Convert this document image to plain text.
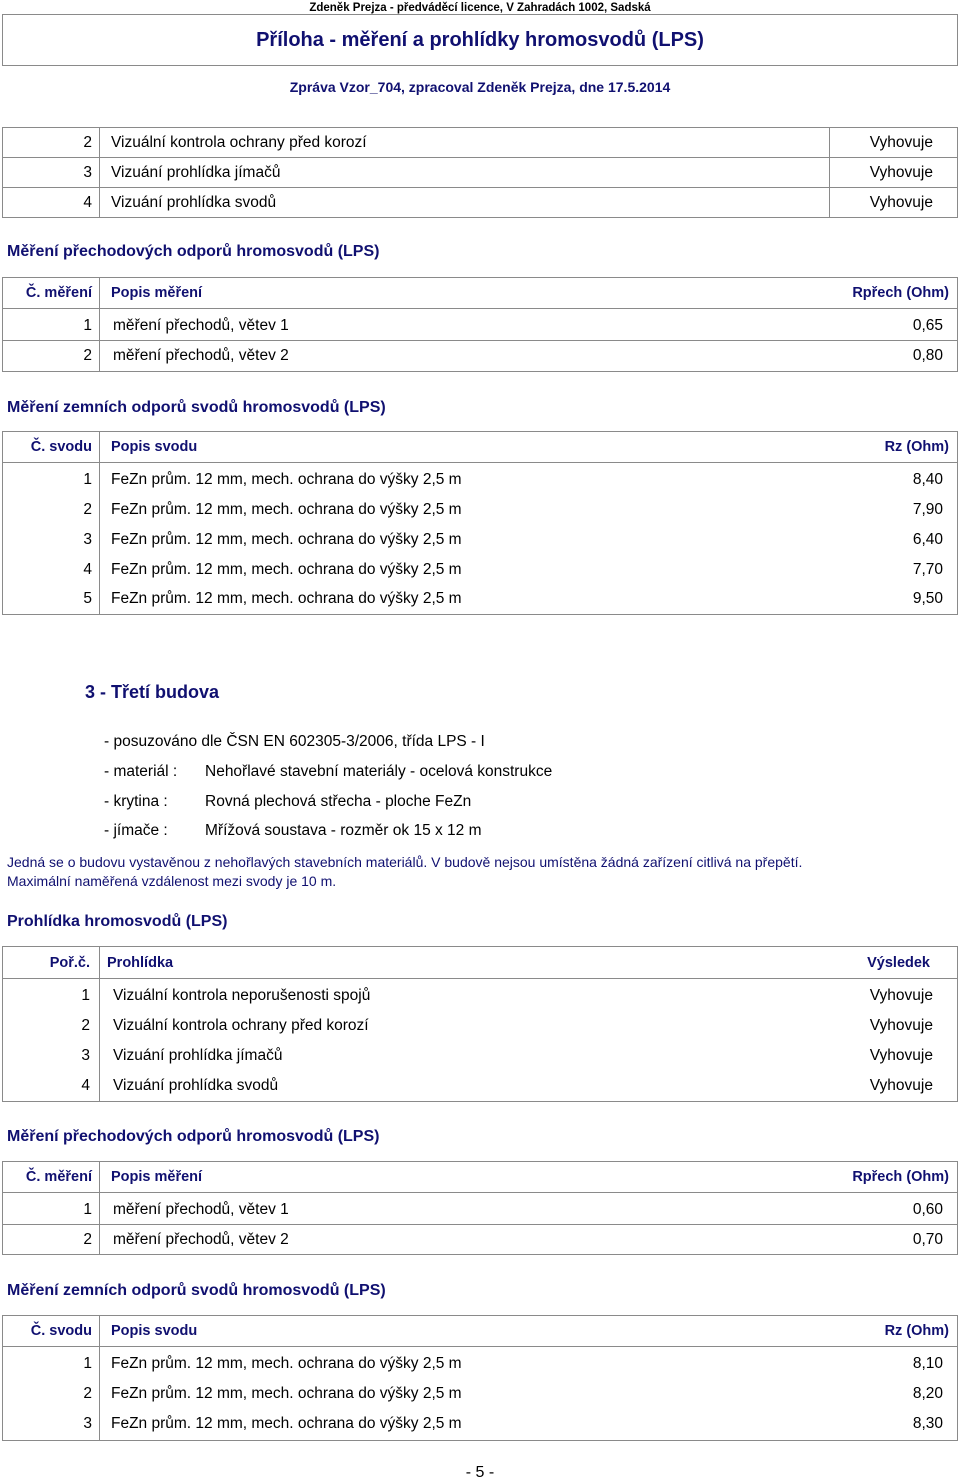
Zdeněk Prejza - předváděcí licence, V Zahradách 1002, Sadská
Příloha - měření a prohlídky hromosvodů (LPS)
Zpráva Vzor_704, zpracoval Zdeněk Prejza, dne 17.5.2014
2 Vizuální kontrola ochrany před korozí	Vyhovuje
3 Vizuání prohlídka jímačů	Vyhovuje
4 Vizuání prohlídka svodů	Vyhovuje
Měření přechodových odporů hromosvodů (LPS)
Č. měření Popis měření	Rpřech (Ohm)
1 měření přechodů, větev 1	0,65
2 měření přechodů, větev 2	0,80
Měření zemních odporů svodů hromosvodů (LPS)
Č. svodu Popis svodu	Rz (Ohm)
1 FeZn prům. 12 mm, mech. ochrana do výšky 2,5 m	8,40
2 FeZn prům. 12 mm, mech. ochrana do výšky 2,5 m	7,90
3 FeZn prům. 12 mm, mech. ochrana do výšky 2,5 m	6,40
4 FeZn prům. 12 mm, mech. ochrana do výšky 2,5 m	7,70
5 FeZn prům. 12 mm, mech. ochrana do výšky 2,5 m	9,50
3 - Třetí budova
- posuzováno dle ČSN EN 602305-3/2006, třída LPS - I
- materiál : Nehořlavé stavební materiály - ocelová konstrukce
- krytina : Rovná plechová střecha - ploche FeZn
- jímače : Mřížová soustava - rozměr ok 15 x 12 m
Jedná se o budovu vystavěnou z nehořlavých stavebních materiálů. V budově nejsou umístěna žádná zařízení citlivá na přepětí.
Maximální naměřená vzdálenost mezi svody je 10 m.
Prohlídka hromosvodů (LPS)
Poř.č. Prohlídka	Výsledek
1 Vizuální kontrola neporušenosti spojů	Vyhovuje
2 Vizuální kontrola ochrany před korozí	Vyhovuje
3 Vizuání prohlídka jímačů	Vyhovuje
4 Vizuání prohlídka svodů	Vyhovuje
Měření přechodových odporů hromosvodů (LPS)
Č. měření Popis měření	Rpřech (Ohm)
1 měření přechodů, větev 1	0,60
2 měření přechodů, větev 2	0,70
Měření zemních odporů svodů hromosvodů (LPS)
Č. svodu Popis svodu	Rz (Ohm)
1 FeZn prům. 12 mm, mech. ochrana do výšky 2,5 m	8,10
2 FeZn prům. 12 mm, mech. ochrana do výšky 2,5 m	8,20
3 FeZn prům. 12 mm, mech. ochrana do výšky 2,5 m	8,30
- 5 -
